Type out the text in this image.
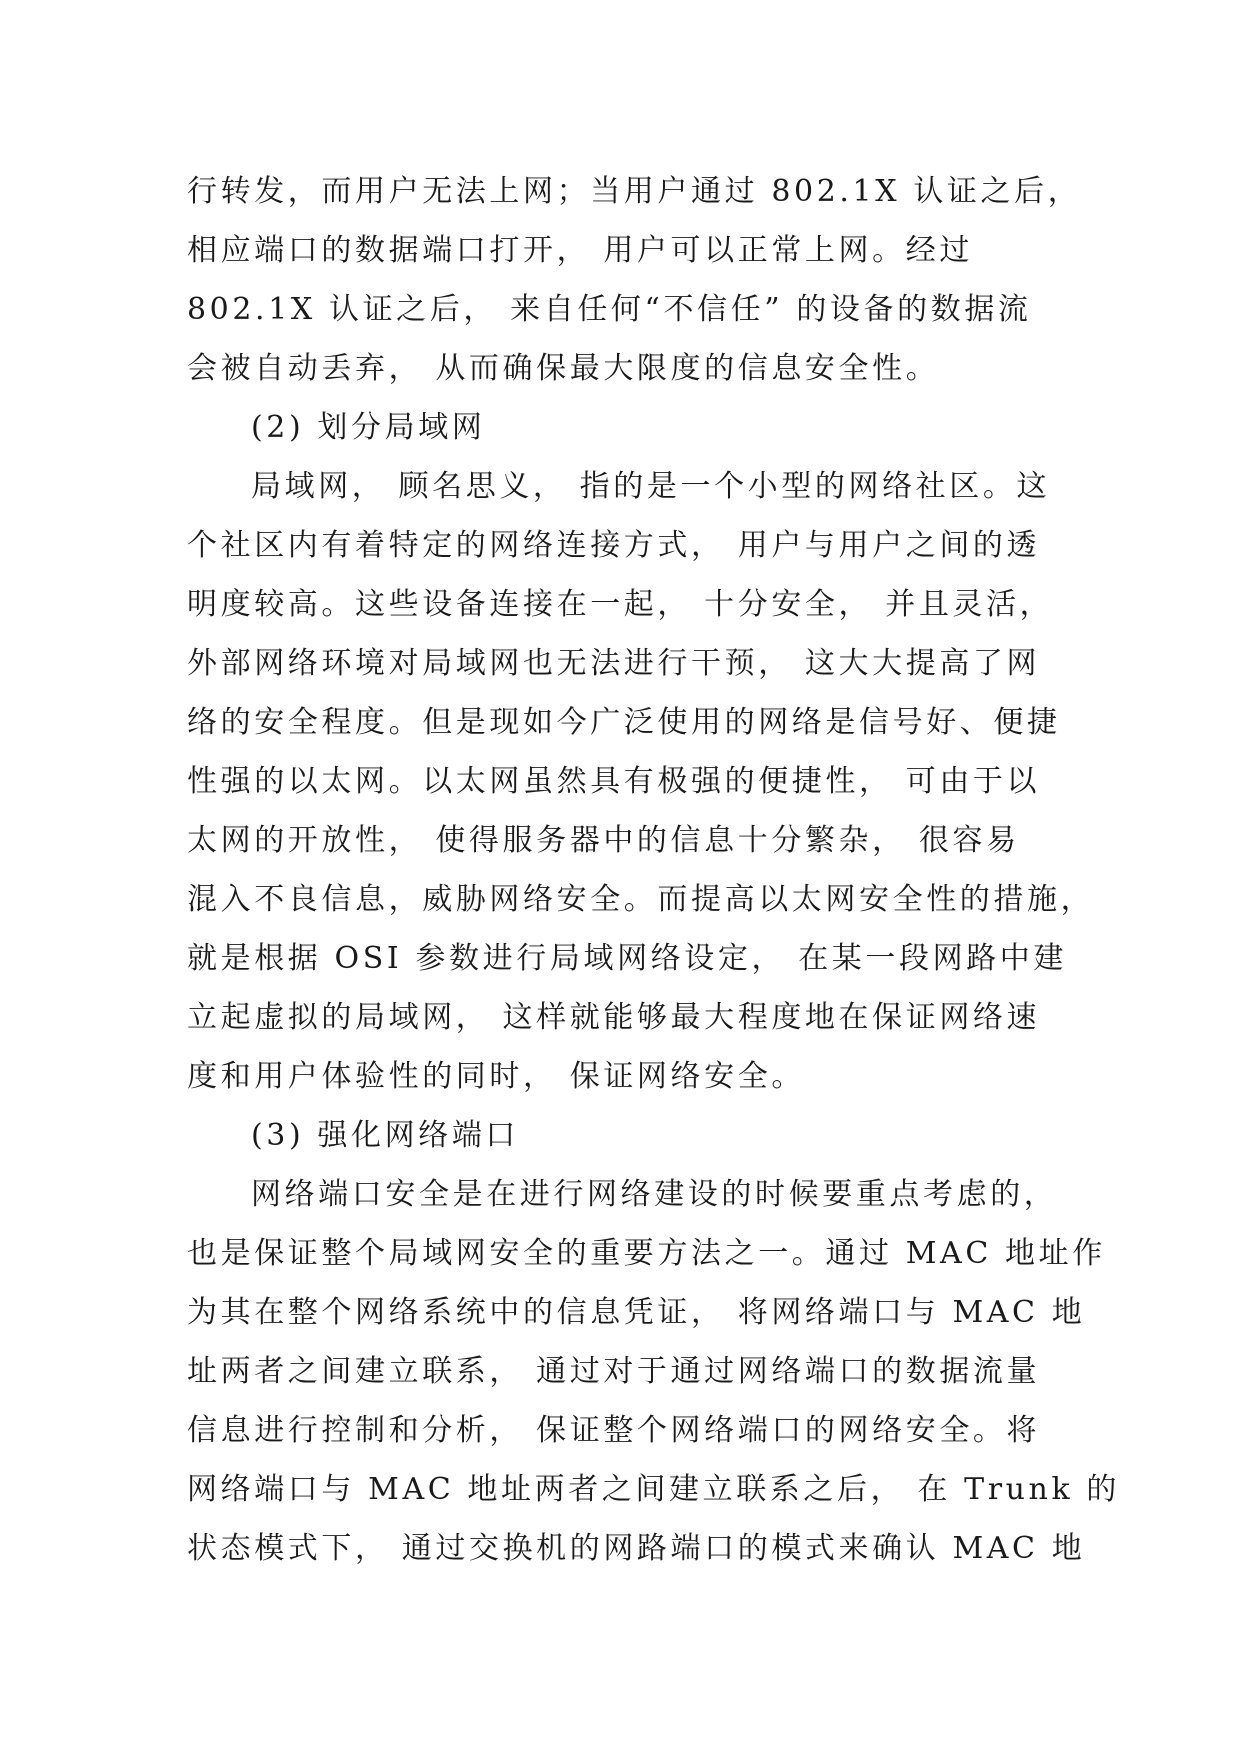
行转发，而用户无法上网；当用户通过 802.1X 认证之后，
相应端口的数据端口打开， 用户可以正常上网。经过
802.1X 认证之后， 来自任何“不信任” 的设备的数据流
会被自动丢弃， 从而确保最大限度的信息安全性。
(2) 划分局域网
局域网， 顾名思义， 指的是一个小型的网络社区。这
个社区内有着特定的网络连接方式， 用户与用户之间的透
明度较高。这些设备连接在一起， 十分安全， 并且灵活，
外部网络环境对局域网也无法进行干预， 这大大提高了网
络的安全程度。但是现如今广泛使用的网络是信号好、便捷
性强的以太网。以太网虽然具有极强的便捷性， 可由于以
太网的开放性， 使得服务器中的信息十分繁杂， 很容易
混入不良信息，威胁网络安全。而提高以太网安全性的措施，
就是根据 OSI 参数进行局域网络设定， 在某一段网路中建
立起虚拟的局域网， 这样就能够最大程度地在保证网络速
度和用户体验性的同时， 保证网络安全。
(3) 强化网络端口
网络端口安全是在进行网络建设的时候要重点考虑的，
也是保证整个局域网安全的重要方法之一。通过 MAC 地址作
为其在整个网络系统中的信息凭证， 将网络端口与 MAC 地
址两者之间建立联系， 通过对于通过网络端口的数据流量
信息进行控制和分析， 保证整个网络端口的网络安全。将
网络端口与 MAC 地址两者之间建立联系之后， 在 Trunk 的
状态模式下， 通过交换机的网路端口的模式来确认 MAC 地
